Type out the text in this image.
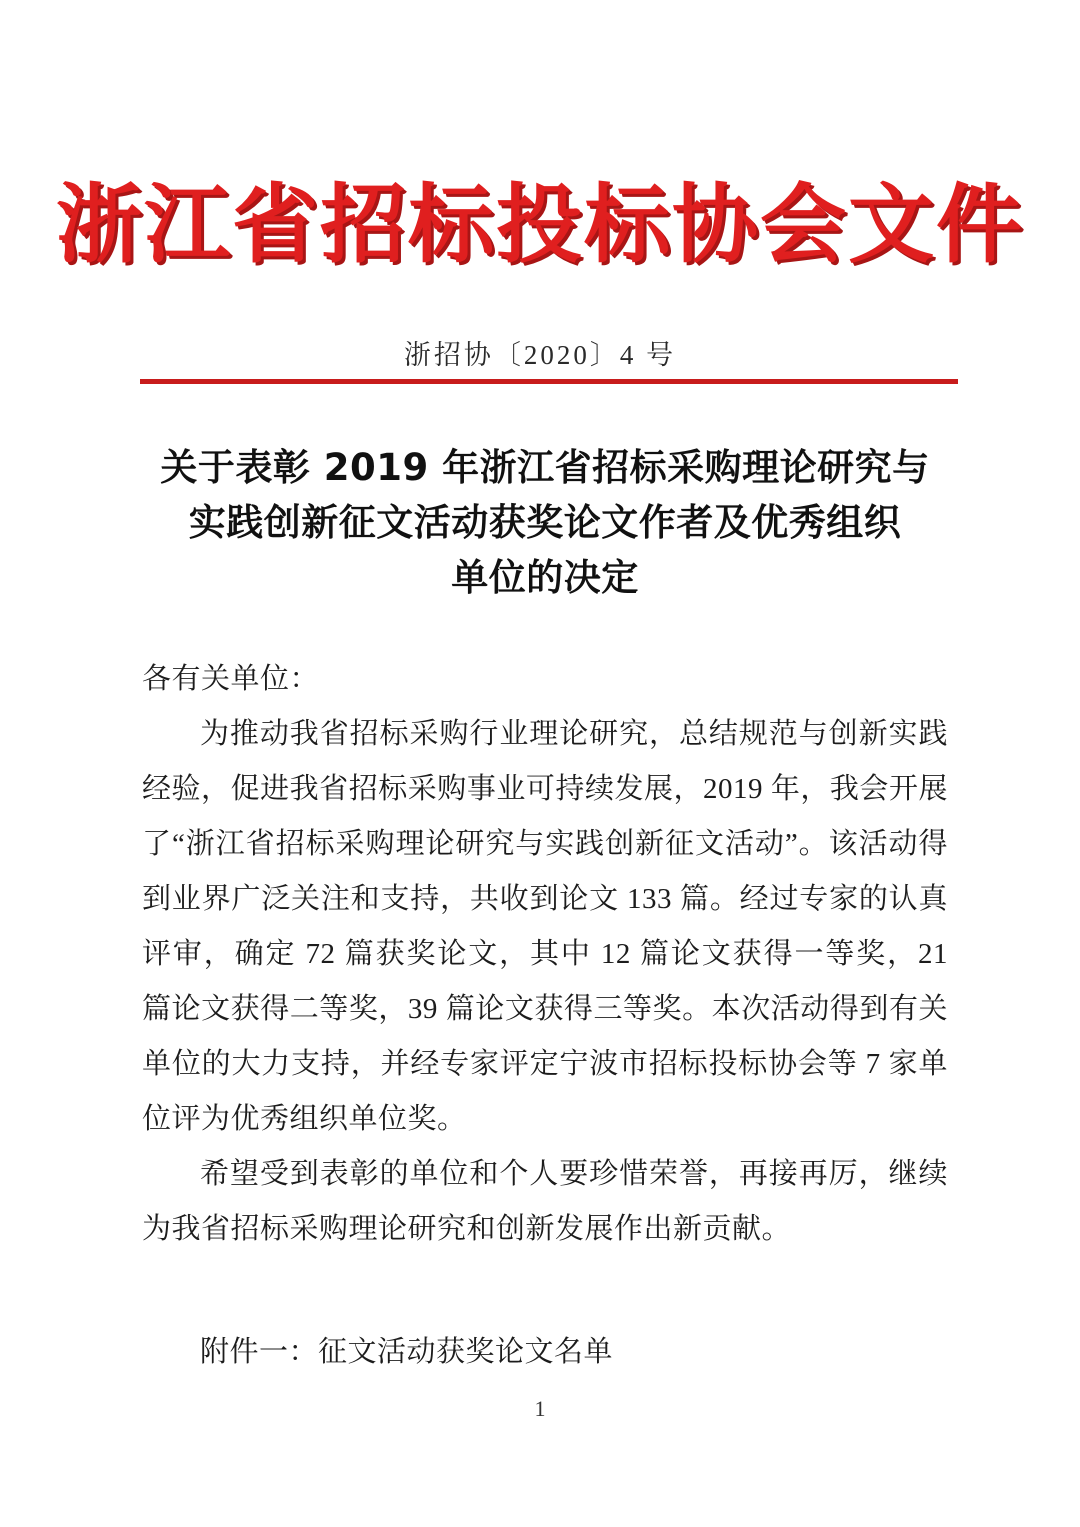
浙江省招标投标协会文件
浙招协〔2020〕4 号
关于表彰 2019 年浙江省招标采购理论研究与
实践创新征文活动获奖论文作者及优秀组织
单位的决定
各有关单位：

为推动我省招标采购行业理论研究，总结规范与创新实践经验，促进我省招标采购事业可持续发展，2019 年，我会开展了“浙江省招标采购理论研究与实践创新征文活动”。该活动得到业界广泛关注和支持，共收到论文 133 篇。经过专家的认真评审，确定 72 篇获奖论文，其中 12 篇论文获得一等奖，21 篇论文获得二等奖，39 篇论文获得三等奖。本次活动得到有关单位的大力支持，并经专家评定宁波市招标投标协会等 7 家单位评为优秀组织单位奖。

希望受到表彰的单位和个人要珍惜荣誉，再接再厉，继续为我省招标采购理论研究和创新发展作出新贡献。

附件一：征文活动获奖论文名单
1
